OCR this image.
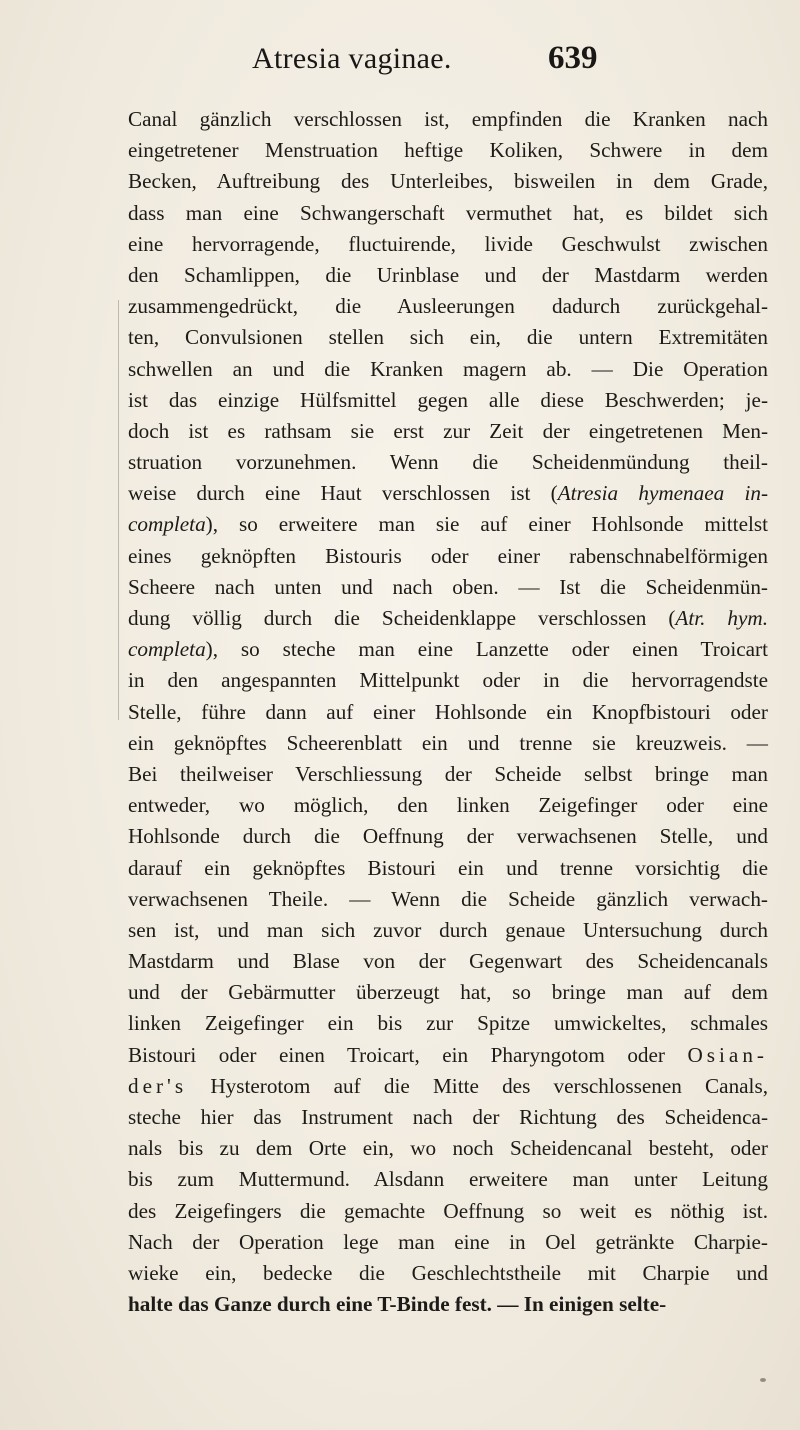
Atresia vaginae.	639
Canal gänzlich verschlossen ist, empfinden die Kranken nach
eingetretener Menstruation heftige Koliken, Schwere in dem
Becken, Auftreibung des Unterleibes, bisweilen in dem Grade,
dass man eine Schwangerschaft vermuthet hat, es bildet sich
eine hervorragende, fluctuirende, livide Geschwulst zwischen
den Schamlippen, die Urinblase und der Mastdarm werden
zusammengedrückt, die Ausleerungen dadurch zurückgehal-
ten, Convulsionen stellen sich ein, die untern Extremitäten
schwellen an und die Kranken magern ab. — Die Operation
ist das einzige Hülfsmittel gegen alle diese Beschwerden; je-
doch ist es rathsam sie erst zur Zeit der eingetretenen Men-
struation vorzunehmen. Wenn die Scheidenmündung theil-
weise durch eine Haut verschlossen ist (Atresia hymenaea in-
completa), so erweitere man sie auf einer Hohlsonde mittelst
eines geknöpften Bistouris oder einer rabenschnabelförmigen
Scheere nach unten und nach oben. — Ist die Scheidenmün-
dung völlig durch die Scheidenklappe verschlossen (Atr. hym.
completa), so steche man eine Lanzette oder einen Troicart
in den angespannten Mittelpunkt oder in die hervorragendste
Stelle, führe dann auf einer Hohlsonde ein Knopfbistouri oder
ein geknöpftes Scheerenblatt ein und trenne sie kreuzweis. —
Bei theilweiser Verschliessung der Scheide selbst bringe man
entweder, wo möglich, den linken Zeigefinger oder eine
Hohlsonde durch die Oeffnung der verwachsenen Stelle, und
darauf ein geknöpftes Bistouri ein und trenne vorsichtig die
verwachsenen Theile. — Wenn die Scheide gänzlich verwach-
sen ist, und man sich zuvor durch genaue Untersuchung durch
Mastdarm und Blase von der Gegenwart des Scheidencanals
und der Gebärmutter überzeugt hat, so bringe man auf dem
linken Zeigefinger ein bis zur Spitze umwickeltes, schmales
Bistouri oder einen Troicart, ein Pharyngotom oder Osian-
der's Hysterotom auf die Mitte des verschlossenen Canals,
steche hier das Instrument nach der Richtung des Scheidenca-
nals bis zu dem Orte ein, wo noch Scheidencanal besteht, oder
bis zum Muttermund. Alsdann erweitere man unter Leitung
des Zeigefingers die gemachte Oeffnung so weit es nöthig ist.
Nach der Operation lege man eine in Oel getränkte Charpie-
wieke ein, bedecke die Geschlechtstheile mit Charpie und
halte das Ganze durch eine T-Binde fest. — In einigen selte-
